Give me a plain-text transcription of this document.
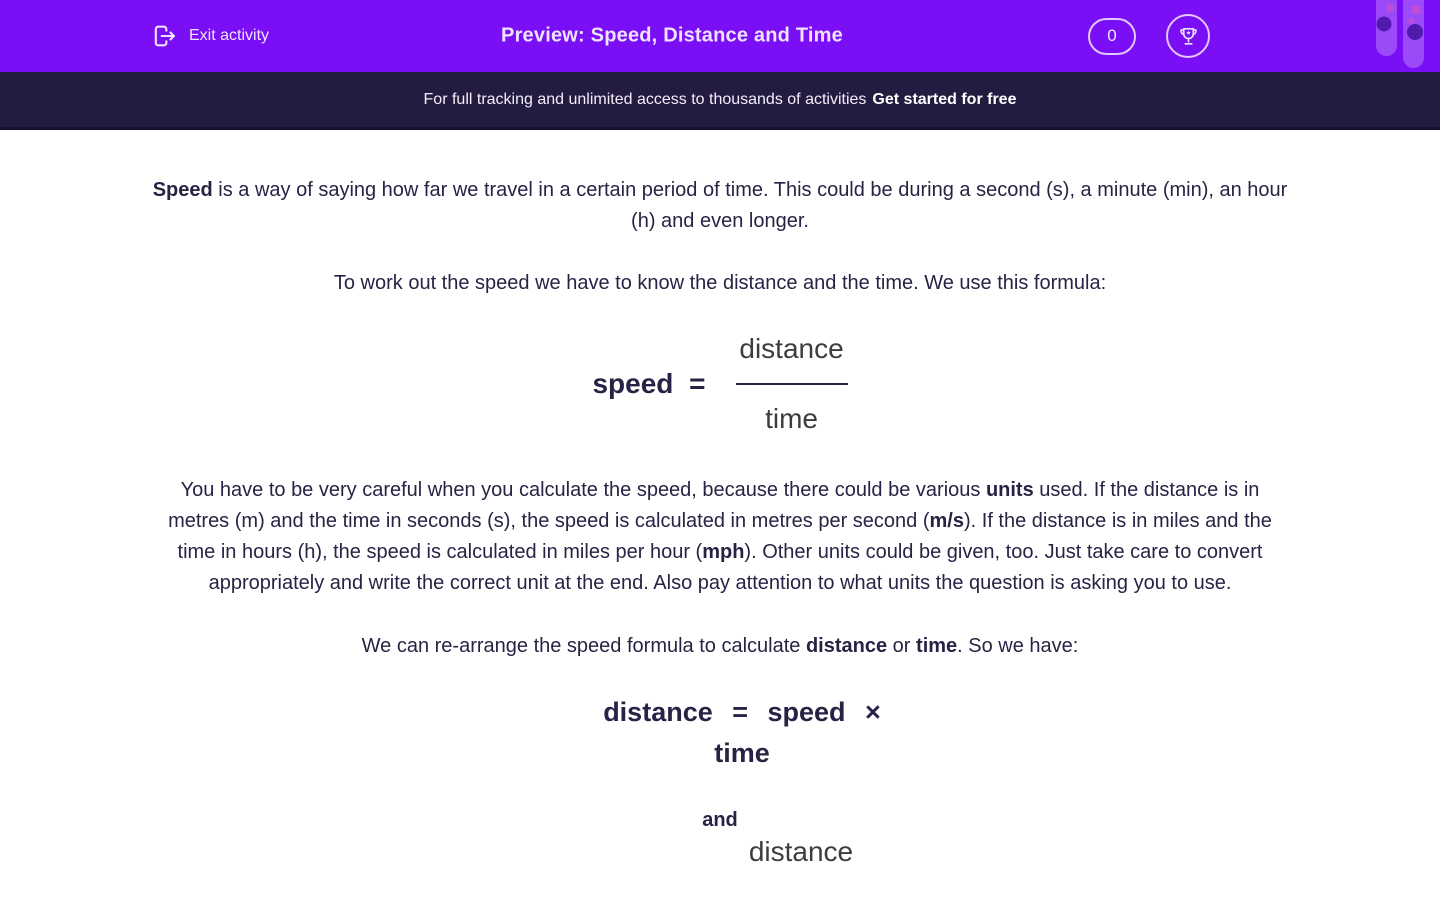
Exit activity	Preview: Speed, Distance and Time	0
For full tracking and unlimited access to thousands of activities Get started for free

Speed is a way of saying how far we travel in a certain period of time. This could be during a second (s), a minute (min), an hour (h) and even longer.

To work out the speed we have to know the distance and the time. We use this formula:

speed = $\frac{\text{distance}}{\text{time}}$

You have to be very careful when you calculate the speed, because there could be various units used. If the distance is in metres (m) and the time in seconds (s), the speed is calculated in metres per second (m/s). If the distance is in miles and the time in hours (h), the speed is calculated in miles per hour (mph). Other units could be given, too. Just take care to convert appropriately and write the correct unit at the end. Also pay attention to what units the question is asking you to use.

We can re-arrange the speed formula to calculate distance or time. So we have:

distance = speed ×
time
and
distance
